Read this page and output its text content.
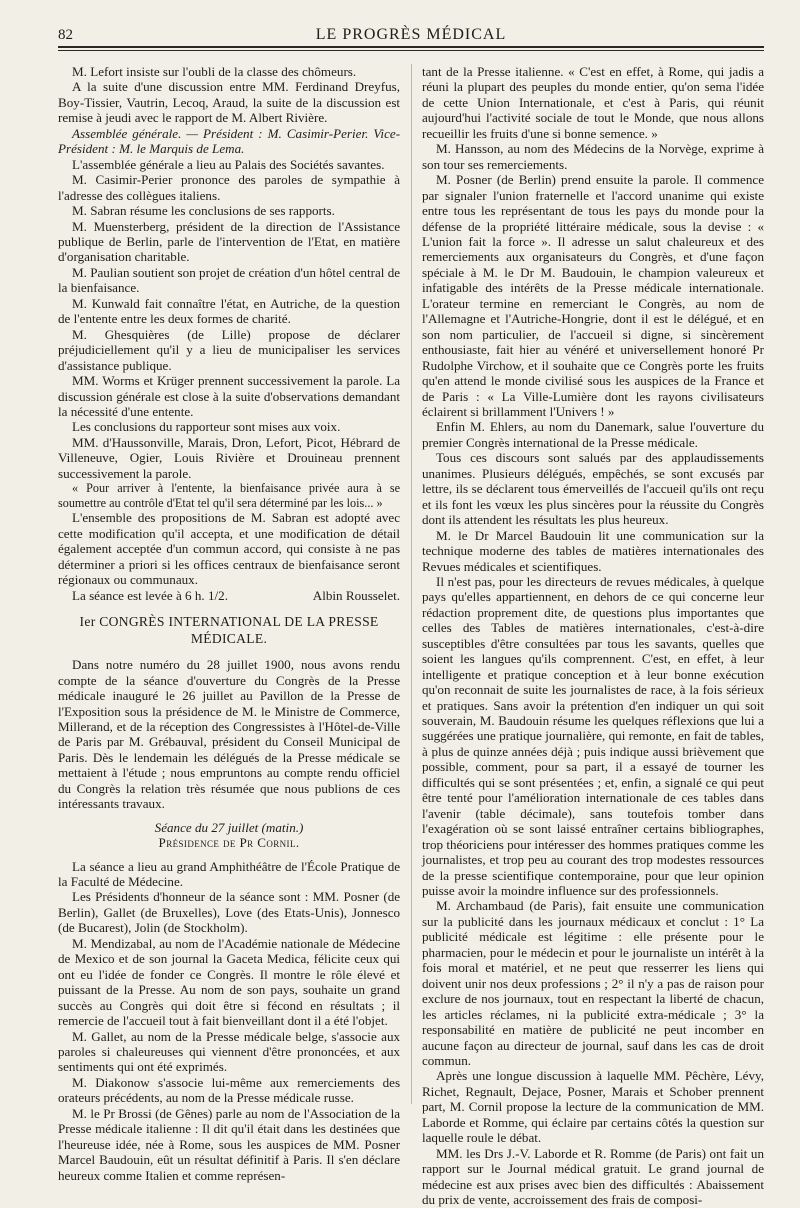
82	LE PROGRÈS MÉDICAL

M. Lefort insiste sur l'oubli de la classe des chômeurs.

A la suite d'une discussion entre MM. Ferdinand Dreyfus, Boy-Tissier, Vautrin, Lecoq, Araud, la suite de la discussion est remise à jeudi avec le rapport de M. Albert Rivière.

Assemblée générale. — Président : M. Casimir-Perier. Vice-Président : M. le Marquis de Lema.

L'assemblée générale a lieu au Palais des Sociétés savantes.

M. Casimir-Perier prononce des paroles de sympathie à l'adresse des collègues italiens.

M. Sabran résume les conclusions de ses rapports.

M. Muensterberg, président de la direction de l'Assistance publique de Berlin, parle de l'intervention de l'Etat, en matière d'organisation charitable.

M. Paulian soutient son projet de création d'un hôtel central de la bienfaisance.

M. Kunwald fait connaître l'état, en Autriche, de la question de l'entente entre les deux formes de charité.

M. Ghesquières (de Lille) propose de déclarer préjudiciellement qu'il y a lieu de municipaliser les services d'assistance publique.

MM. Worms et Krüger prennent successivement la parole. La discussion générale est close à la suite d'observations demandant la nécessité d'une entente.

Les conclusions du rapporteur sont mises aux voix.

MM. d'Haussonville, Marais, Dron, Lefort, Picot, Hébrard de Villeneuve, Ogier, Louis Rivière et Drouineau prennent successivement la parole.

« Pour arriver à l'entente, la bienfaisance privée aura à se soumettre au contrôle d'Etat tel qu'il sera déterminé par les lois... »

L'ensemble des propositions de M. Sabran est adopté avec cette modification qu'il accepta, et une modification de détail également acceptée d'un commun accord, qui consiste à ne pas déterminer a priori si les offices centraux de bienfaisance seront régionaux ou communaux.

La séance est levée à 6 h. 1/2.	Albin Rousselet.
Ier CONGRÈS INTERNATIONAL DE LA PRESSE MÉDICALE.

Dans notre numéro du 28 juillet 1900, nous avons rendu compte de la séance d'ouverture du Congrès de la Presse médicale inauguré le 26 juillet au Pavillon de la Presse de l'Exposition sous la présidence de M. le Ministre de Commerce, Millerand, et de la réception des Congressistes à l'Hôtel-de-Ville de Paris par M. Grébauval, président du Conseil Municipal de Paris. Dès le lendemain les délégués de la Presse médicale se mettaient à l'étude ; nous empruntons au compte rendu officiel du Congrès la relation très résumée que nous publions de ces intéressants travaux.

Séance du 27 juillet (matin.)

Présidence de Pr Cornil.

La séance a lieu au grand Amphithéâtre de l'École Pratique de la Faculté de Médecine.

Les Présidents d'honneur de la séance sont : MM. Posner (de Berlin), Gallet (de Bruxelles), Love (des Etats-Unis), Jonnesco (de Bucarest), Jolin (de Stockholm).

M. Mendizabal, au nom de l'Académie nationale de Médecine de Mexico et de son journal la Gaceta Medica, félicite ceux qui ont eu l'idée de fonder ce Congrès. Il montre le rôle élevé et puissant de la Presse. Au nom de son pays, souhaite un grand succès au Congrès qui doit être si fécond en résultats ; il remercie de l'accueil tout à fait bienveillant dont il a été l'objet.

M. Gallet, au nom de la Presse médicale belge, s'associe aux paroles si chaleureuses qui viennent d'être prononcées, et aux sentiments qui ont été exprimés.

M. Diakonow s'associe lui-même aux remerciements des orateurs précédents, au nom de la Presse médicale russe.

M. le Pr Brossi (de Gênes) parle au nom de l'Association de la Presse médicale italienne : Il dit qu'il était dans les destinées que l'heureuse idée, née à Rome, sous les auspices de MM. Posner Marcel Baudouin, eût un résultat définitif à Paris. Il s'en déclare heureux comme Italien et comme représen-

tant de la Presse italienne. « C'est en effet, à Rome, qui jadis a réuni la plupart des peuples du monde entier, qu'on sema l'idée de cette Union Internationale, et c'est à Paris, qui réunit aujourd'hui l'activité sociale de tout le Monde, que nous allons recueillir les fruits d'une si bonne semence. »

M. Hansson, au nom des Médecins de la Norvège, exprime à son tour ses remerciements.

M. Posner (de Berlin) prend ensuite la parole. Il commence par signaler l'union fraternelle et l'accord unanime qui existe entre tous les représentant de tous les pays du monde pour la défense de la propriété littéraire médicale, sous la devise : « L'union fait la force ». Il adresse un salut chaleureux et des remerciements aux organisateurs du Congrès, et d'une façon spéciale à M. le Dr M. Baudouin, le champion valeureux et infatigable des intérêts de la Presse médicale internationale. L'orateur termine en remerciant le Congrès, au nom de l'Allemagne et l'Autriche-Hongrie, dont il est le délégué, et en son nom particulier, de l'accueil si digne, si sincèrement enthousiaste, fait hier au vénéré et universellement honoré Pr Rudolphe Virchow, et il souhaite que ce Congrès porte les fruits qu'en attend le monde civilisé sous les auspices de la France et de Paris : « La Ville-Lumière dont les rayons civilisateurs éclairent si brillamment l'Univers ! »

Enfin M. Ehlers, au nom du Danemark, salue l'ouverture du premier Congrès international de la Presse médicale.

Tous ces discours sont salués par des applaudissements unanimes. Plusieurs délégués, empêchés, se sont excusés par lettre, ils se déclarent tous émerveillés de l'accueil qu'ils ont reçu et ils font les vœux les plus sincères pour la réussite du Congrès dont ils attendent les résultats les plus heureux.

M. le Dr Marcel Baudouin lit une communication sur la technique moderne des tables de matières internationales des Revues médicales et scientifiques.

Il n'est pas, pour les directeurs de revues médicales, à quelque pays qu'elles appartiennent, en dehors de ce qui concerne leur rédaction proprement dite, de questions plus importantes que celles des Tables de matières internationales, c'est-à-dire susceptibles d'être consultées par tous les savants, quelles que soient les langues qu'ils comprennent. C'est, en effet, à leur intelligente et pratique conception et à leur bonne exécution qu'on reconnait de suite les journalistes de race, à la fois sérieux et pratiques. Sans avoir la prétention d'en indiquer un qui soit souverain, M. Baudouin résume les quelques réflexions que lui a suggérées une pratique journalière, qui remonte, en fait de tables, à plus de quinze années déjà ; puis indique aussi brièvement que possible, comment, pour sa part, il a essayé de tourner les difficultés qui se sont présentées ; et, enfin, a signalé ce qui peut être tenté pour l'amélioration internationale de ces tables dans l'avenir (table décimale), sans toutefois tomber dans l'exagération où se sont laissé entraîner certains bibliographes, trop théoriciens pour intéresser des hommes pratiques comme les journalistes, et trop peu au courant des trop modestes ressources de la presse scientifique contemporaine, pour que leur opinion puisse avoir la moindre influence sur des professionnels.

M. Archambaud (de Paris), fait ensuite une communication sur la publicité dans les journaux médicaux et conclut : 1° La publicité médicale est légitime : elle présente pour le pharmacien, pour le médecin et pour le journaliste un intérêt à la fois moral et matériel, et ne peut que resserrer les liens qui doivent unir nos deux professions ; 2° il n'y a pas de raison pour exclure de nos journaux, tout en respectant la liberté de chacun, les articles réclames, ni la publicité extra-médicale ; 3° la responsabilité en matière de publicité ne peut incomber en aucune façon au directeur de journal, sauf dans les cas de droit commun.

Après une longue discussion à laquelle MM. Pêchère, Lévy, Richet, Regnault, Dejace, Posner, Marais et Schober prennent part, M. Cornil propose la lecture de la communication de MM. Laborde et Romme, qui éclaire par certains côtés la question sur laquelle roule le débat.

MM. les Drs J.-V. Laborde et R. Romme (de Paris) ont fait un rapport sur le Journal médical gratuit. Le grand journal de médecine est aux prises avec bien des difficultés : Abaissement du prix de vente, accroissement des frais de composi-
